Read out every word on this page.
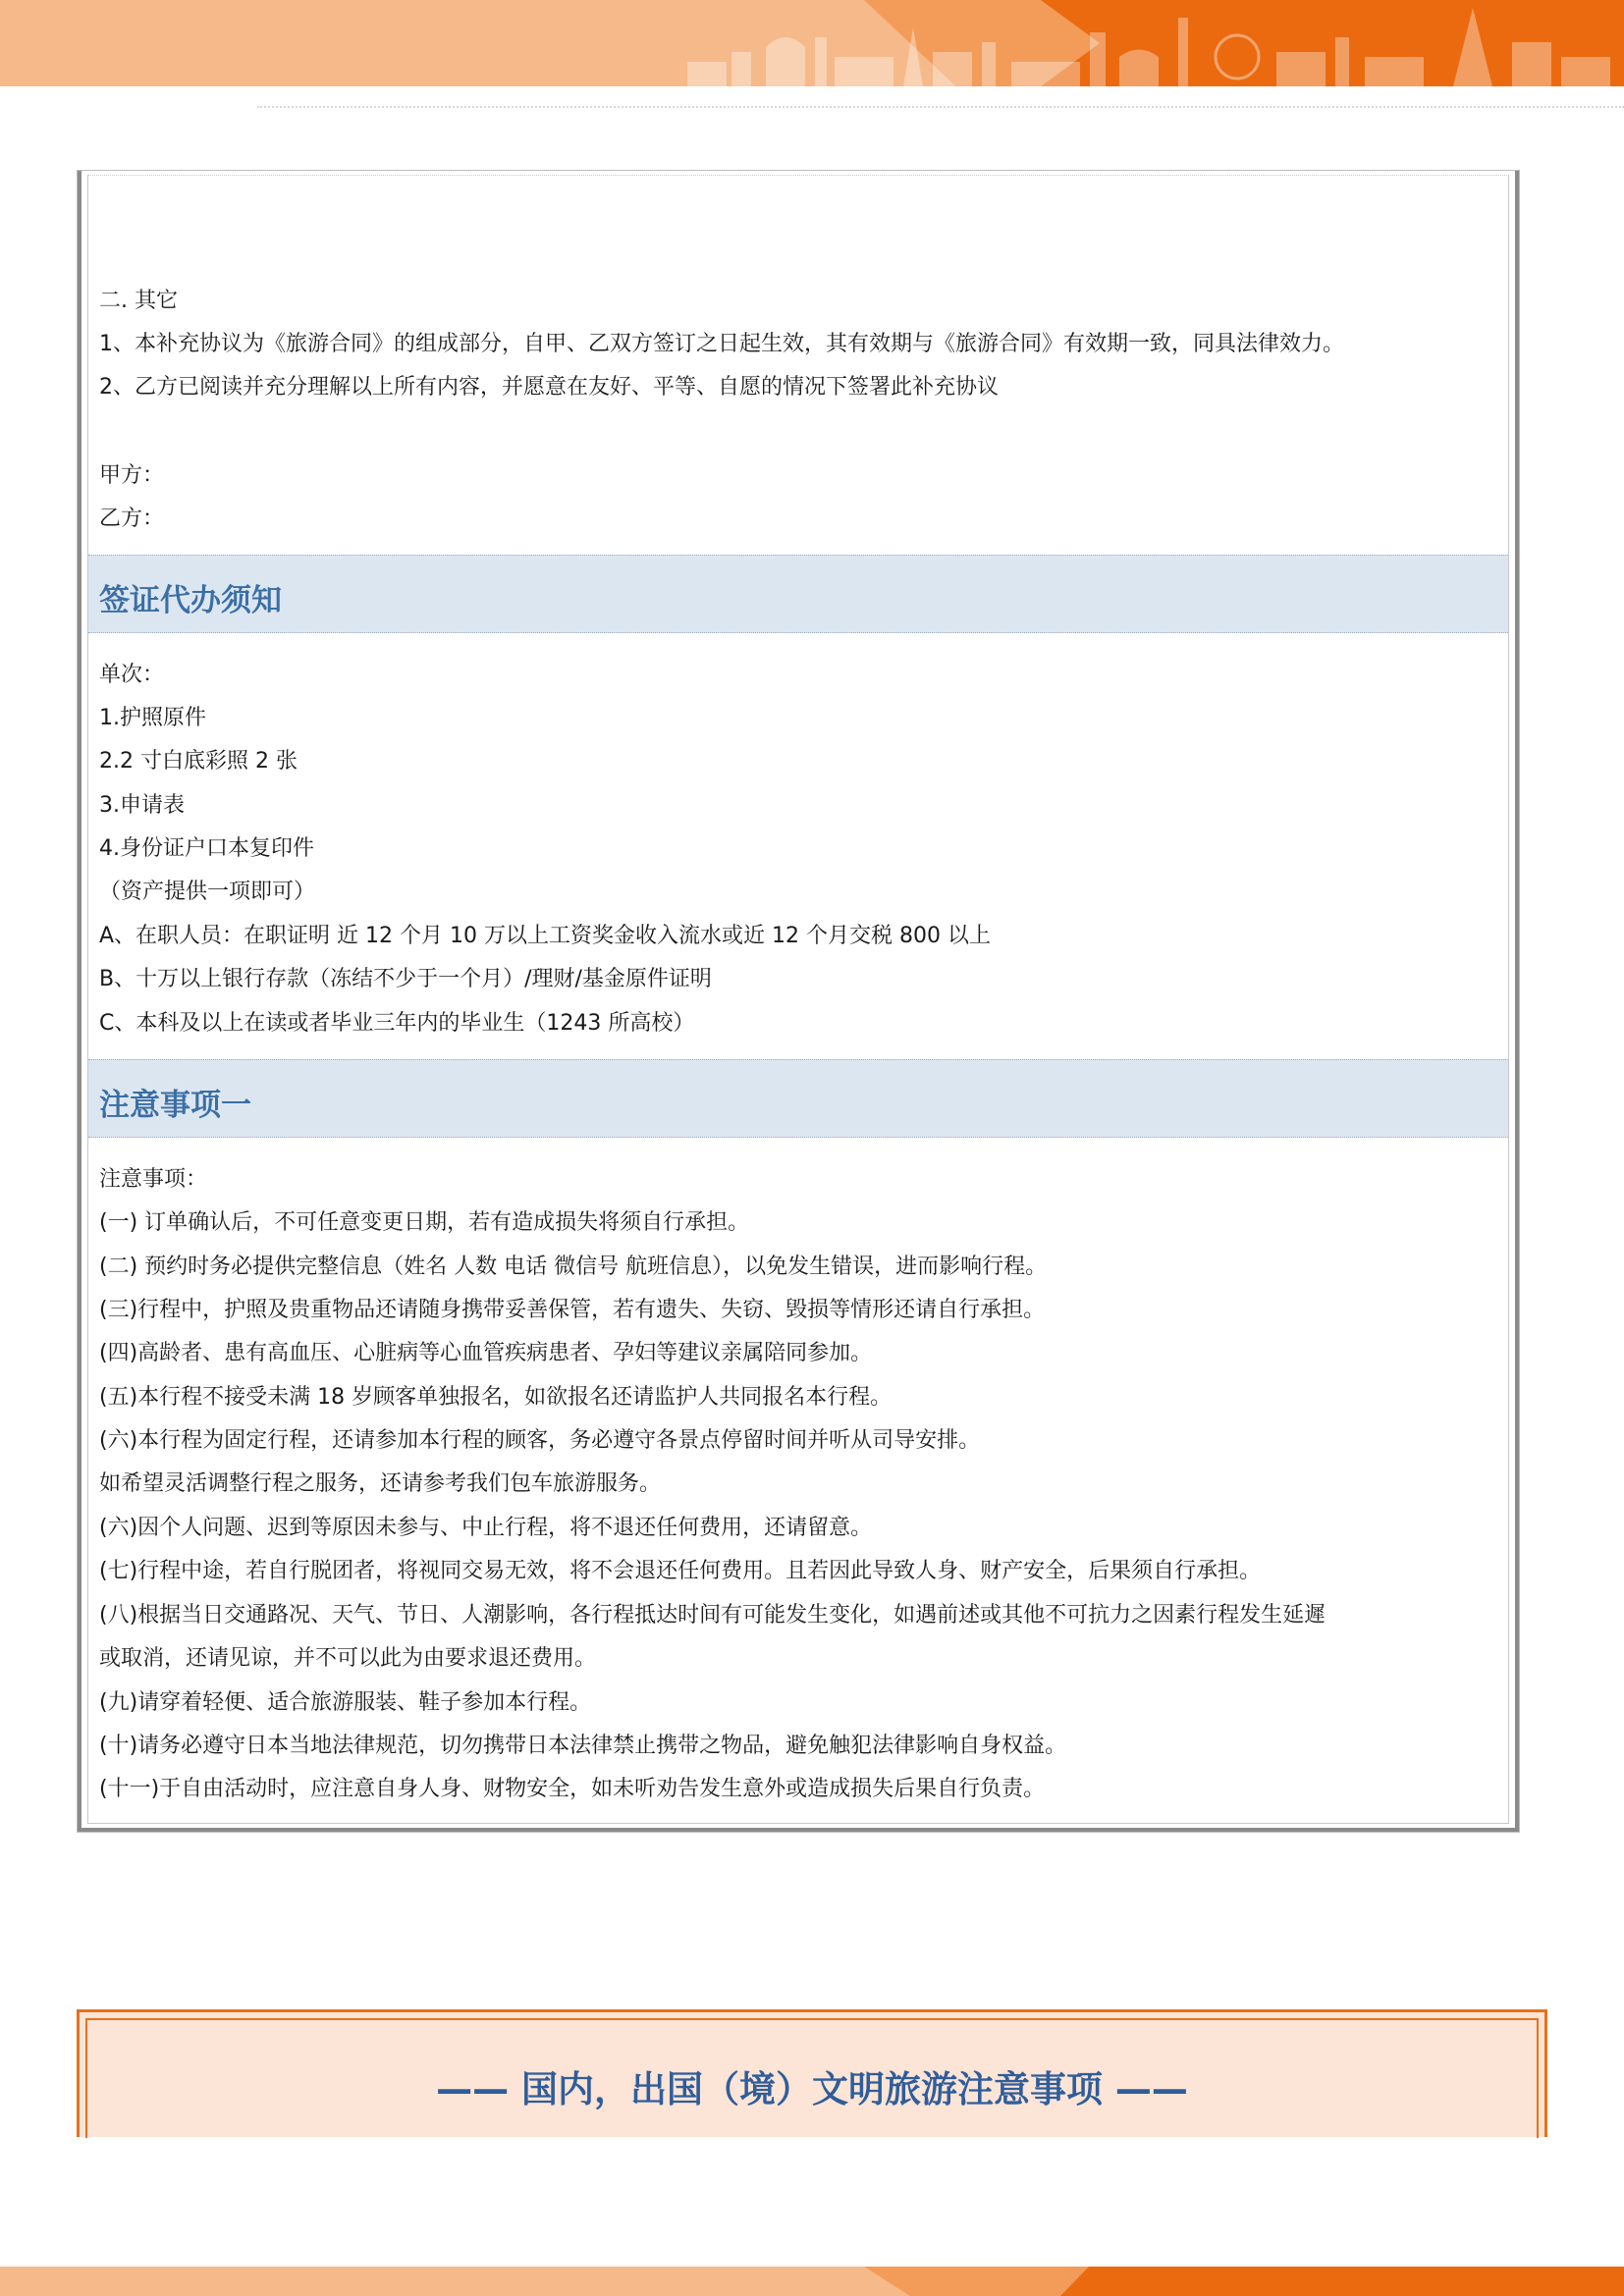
二. 其它
1、本补充协议为《旅游合同》的组成部分，自甲、乙双方签订之日起生效，其有效期与《旅游合同》有效期一致，同具法律效力。
2、乙方已阅读并充分理解以上所有内容，并愿意在友好、平等、自愿的情况下签署此补充协议
甲方：
乙方：
签证代办须知
单次：
1.护照原件
2.2 寸白底彩照 2 张
3.申请表
4.身份证户口本复印件
（资产提供一项即可）
A、在职人员：在职证明 近 12 个月 10 万以上工资奖金收入流水或近 12 个月交税 800 以上
B、十万以上银行存款（冻结不少于一个月）/理财/基金原件证明
C、本科及以上在读或者毕业三年内的毕业生（1243 所高校）
注意事项一
注意事项：
(一) 订单确认后，不可任意变更日期，若有造成损失将须自行承担。
(二) 预约时务必提供完整信息（姓名 人数 电话 微信号 航班信息），以免发生错误，进而影响行程。
(三)行程中，护照及贵重物品还请随身携带妥善保管，若有遗失、失窃、毁损等情形还请自行承担。
(四)高龄者、患有高血压、心脏病等心血管疾病患者、孕妇等建议亲属陪同参加。
(五)本行程不接受未满 18 岁顾客单独报名，如欲报名还请监护人共同报名本行程。
(六)本行程为固定行程，还请参加本行程的顾客，务必遵守各景点停留时间并听从司导安排。
如希望灵活调整行程之服务，还请参考我们包车旅游服务。
(六)因个人问题、迟到等原因未参与、中止行程，将不退还任何费用，还请留意。
(七)行程中途，若自行脱团者，将视同交易无效，将不会退还任何费用。且若因此导致人身、财产安全，后果须自行承担。
(八)根据当日交通路况、天气、节日、人潮影响，各行程抵达时间有可能发生变化，如遇前述或其他不可抗力之因素行程发生延遲
或取消，还请见谅，并不可以此为由要求退还费用。
(九)请穿着轻便、适合旅游服装、鞋子参加本行程。
(十)请务必遵守日本当地法律规范，切勿携带日本法律禁止携带之物品，避免触犯法律影响自身权益。
(十一)于自由活动时，应注意自身人身、财物安全，如未听劝告发生意外或造成损失后果自行负责。
—— 国内，出国（境）文明旅游注意事项 ——
